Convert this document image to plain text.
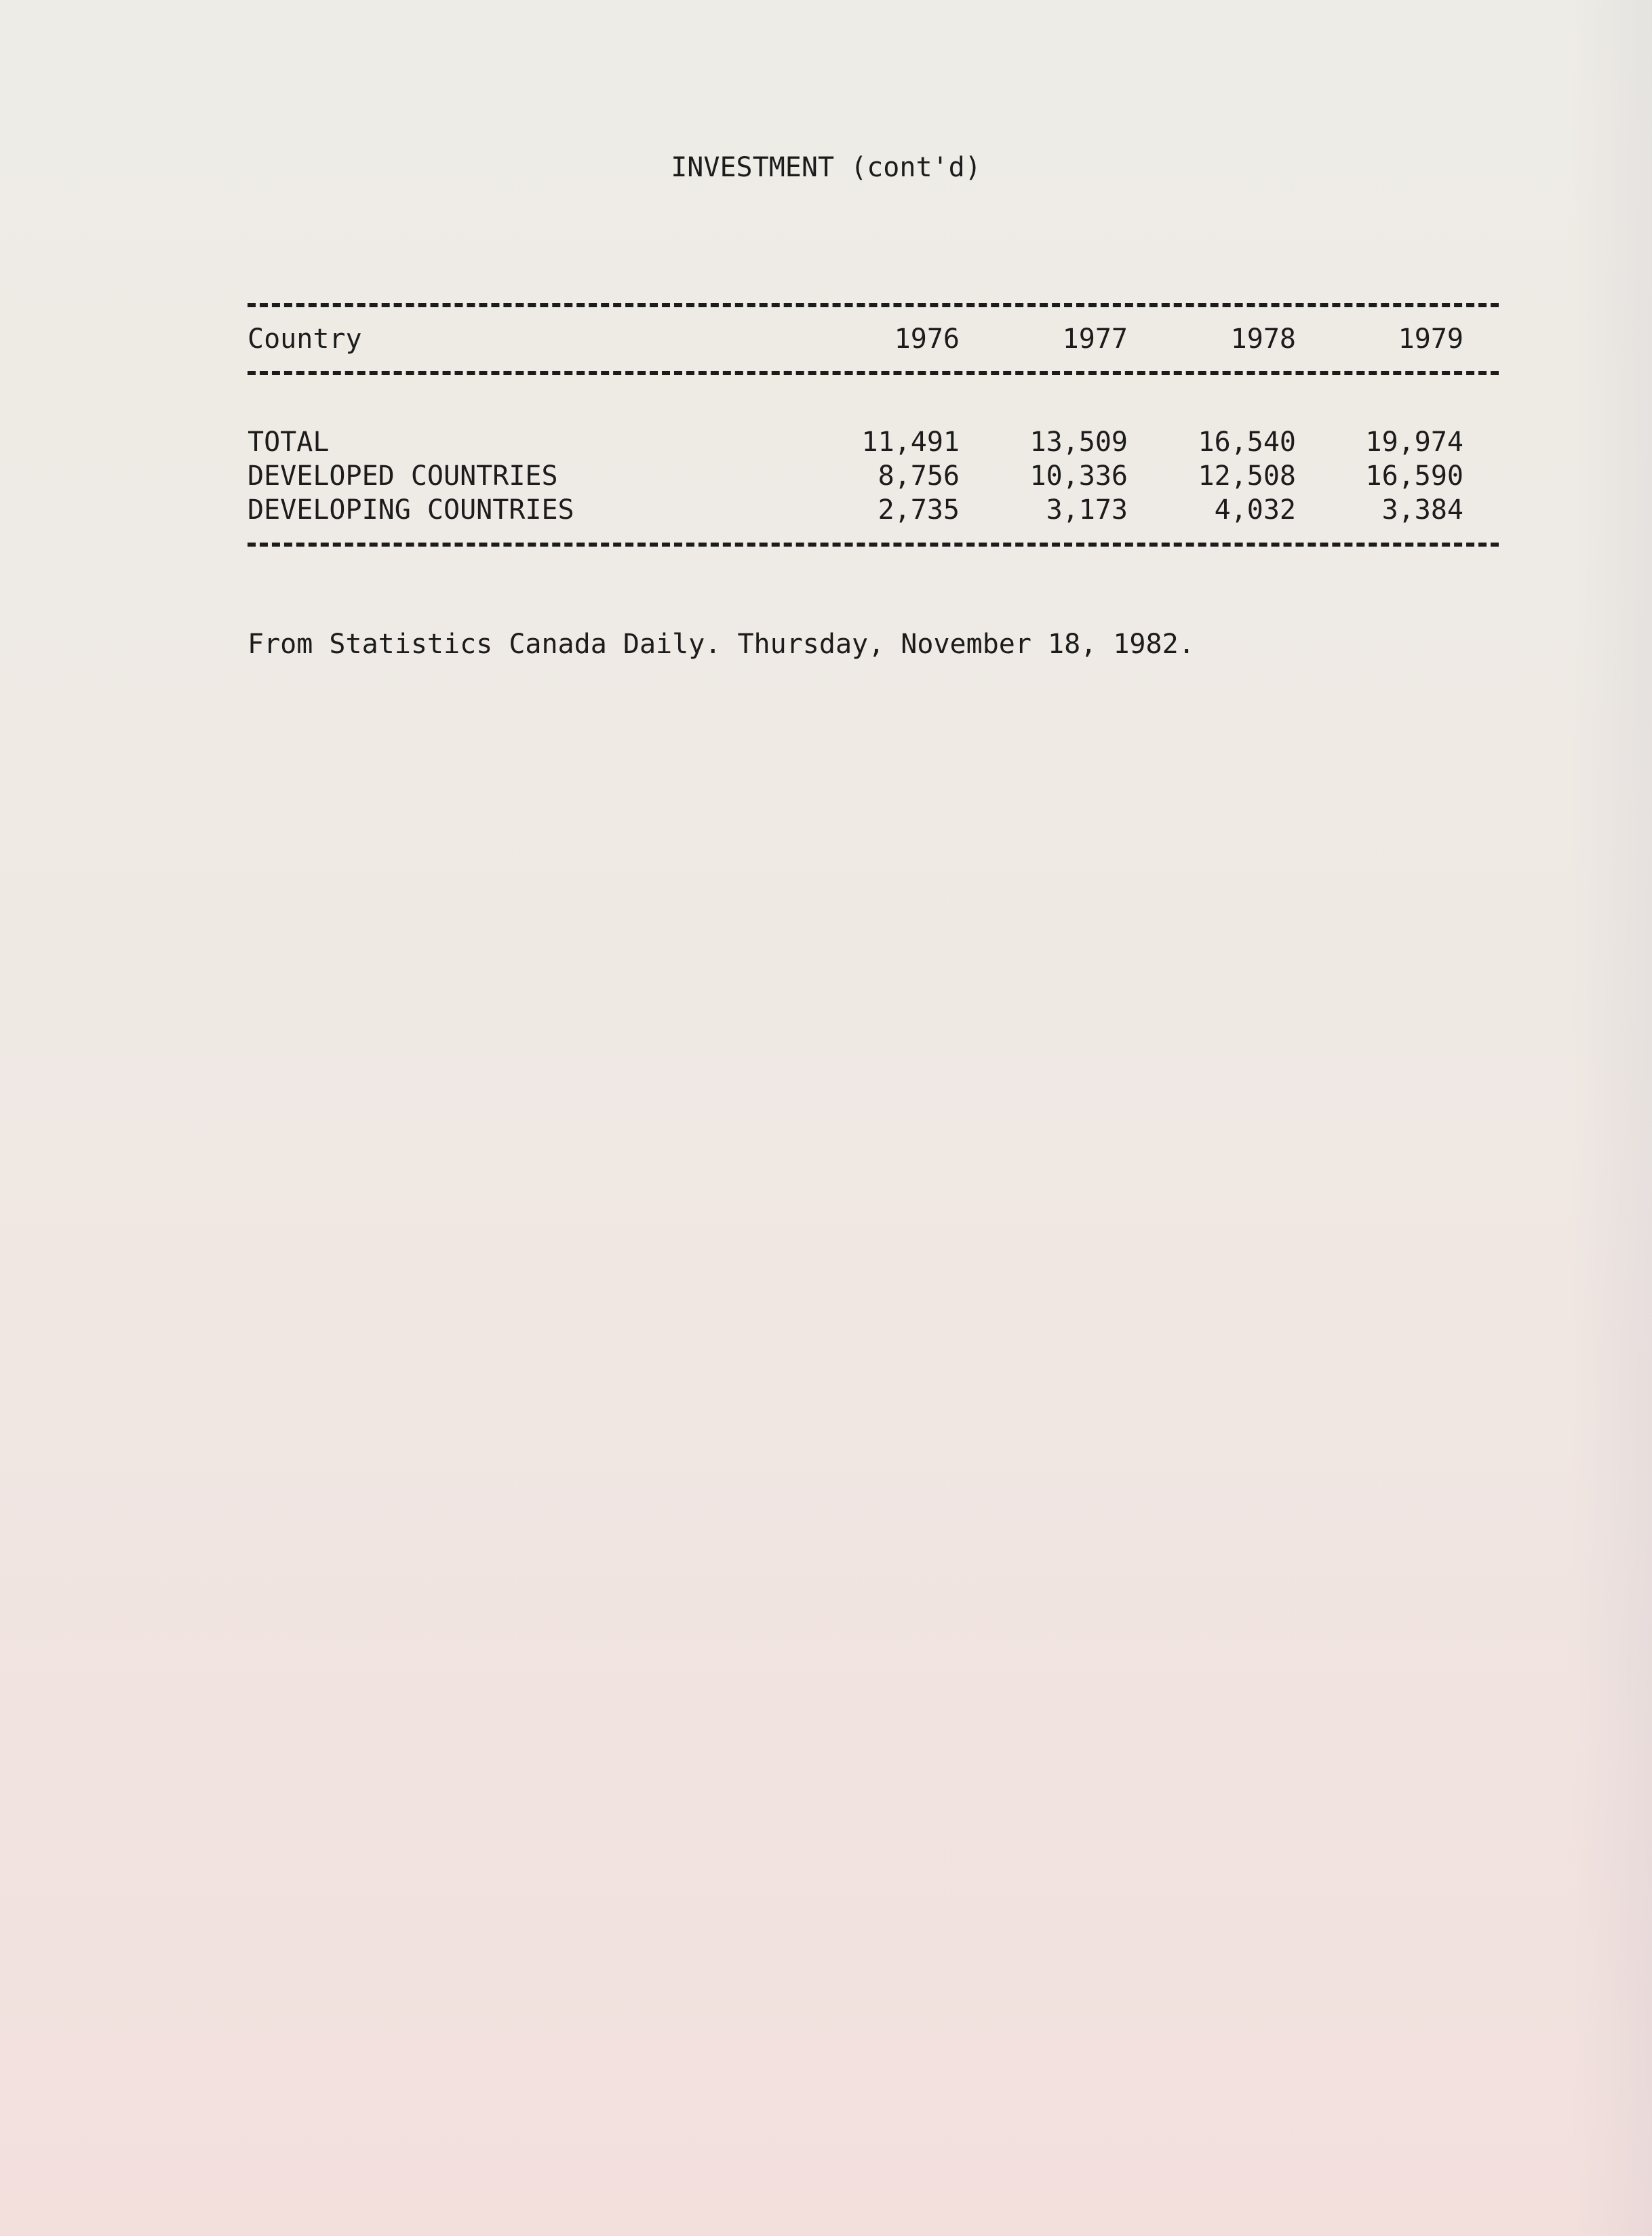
INVESTMENT (cont'd)
Country	1976	1977	1978	1979
TOTAL	11,491	13,509	16,540	19,974
DEVELOPED COUNTRIES	8,756	10,336	12,508	16,590
DEVELOPING COUNTRIES	2,735	3,173	4,032	3,384
From Statistics Canada Daily. Thursday, November 18, 1982.
